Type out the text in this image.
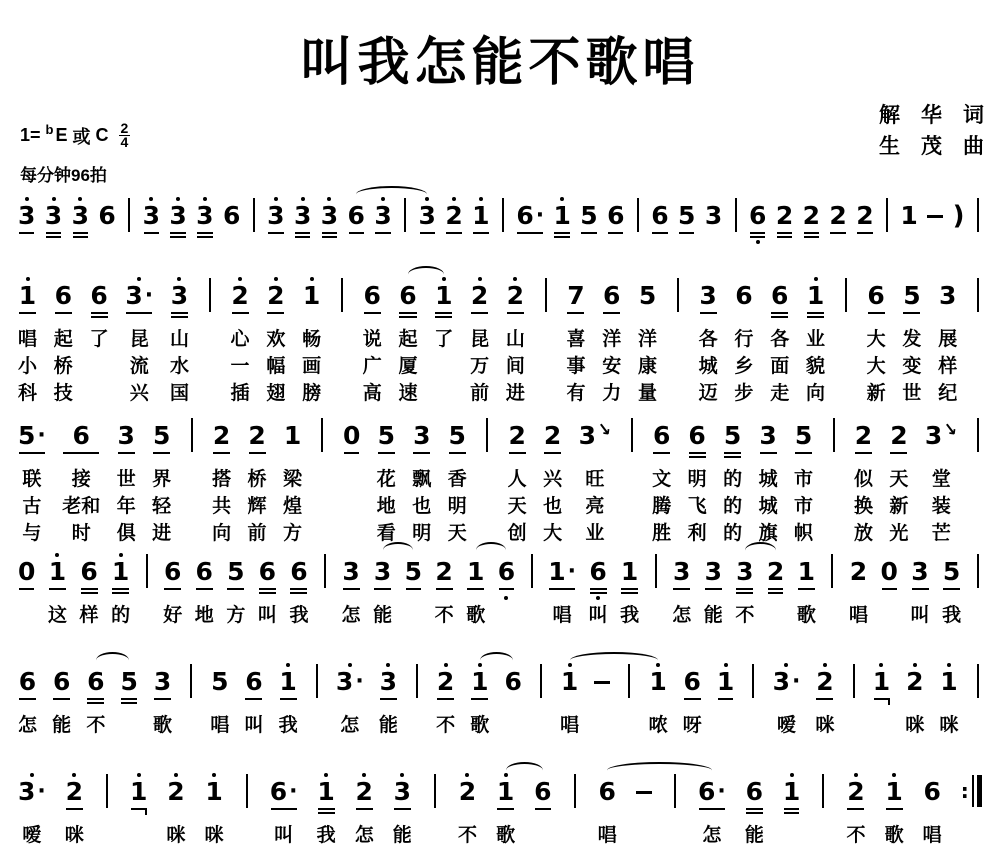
叫我怎能不歌唱
解　华　词
生　茂　曲
1= b E 或 C $\frac{2}{4}$
每分钟96拍
3 3 3 6 3 3 3 6 3 3 3 6 3 3 2 1 6 · 1 5 6 6 5 3 6 2 2 2 2 1 )
1
唱
小
科
6
起
桥
技
6
了
3 ·
昆
流
兴
3
山
水
国
2
心
一
插
2
欢
幅
翅
1
畅
画
膀
6
说
广
高
6
起
厦
速
1
了
2
昆
万
前
2
山
间
进
7
喜
事
有
6
洋
安
力
5
洋
康
量
3
各
城
迈
6
行
乡
步
6
各
面
走
1
业
貌
向
6
大
大
新
5
发
变
世
3
展
样
纪
5 ·
联
古
与
6
接
老和
时
3
世
年
俱
5
界
轻
进
2
搭
共
向
2
桥
辉
前
1
梁
煌
方
0 5
花
地
看
3
飘
也
明
5
香
明
天
2
人
天
创
2
兴
也
大
3 ↘
旺
亮
业
6
文
腾
胜
6
明
飞
利
5
的
的
的
3
城
城
旗
5
市
市
帜
2
似
换
放
2
天
新
光
3 ↘
堂
装
芒
0 1
这
6
样
1
的
6
好
6
地
5
方
6
叫
6
我
3
怎
3
能
5 2
不
1
歌
6 1 ·
唱
6
叫
1
我
3
怎
3
能
3
不
2 1
歌
2
唱
0 3
叫
5
我
6
怎
6
能
6
不
5 3
歌
5
唱
6
叫
1
我
3 ·
怎
3
能
2
不
1
歌
6 1
唱
1
哝
6
呀
1 3 ·
嗳
2
咪
1 2
咪
1
咪
3 ·
嗳
2
咪
1 2
咪
1
咪
6 ·
叫
1
我
2
怎
3
能
2
不
1
歌
6 6
唱
6 ·
怎
6
能
1 2
不
1
歌
6
唱
:
